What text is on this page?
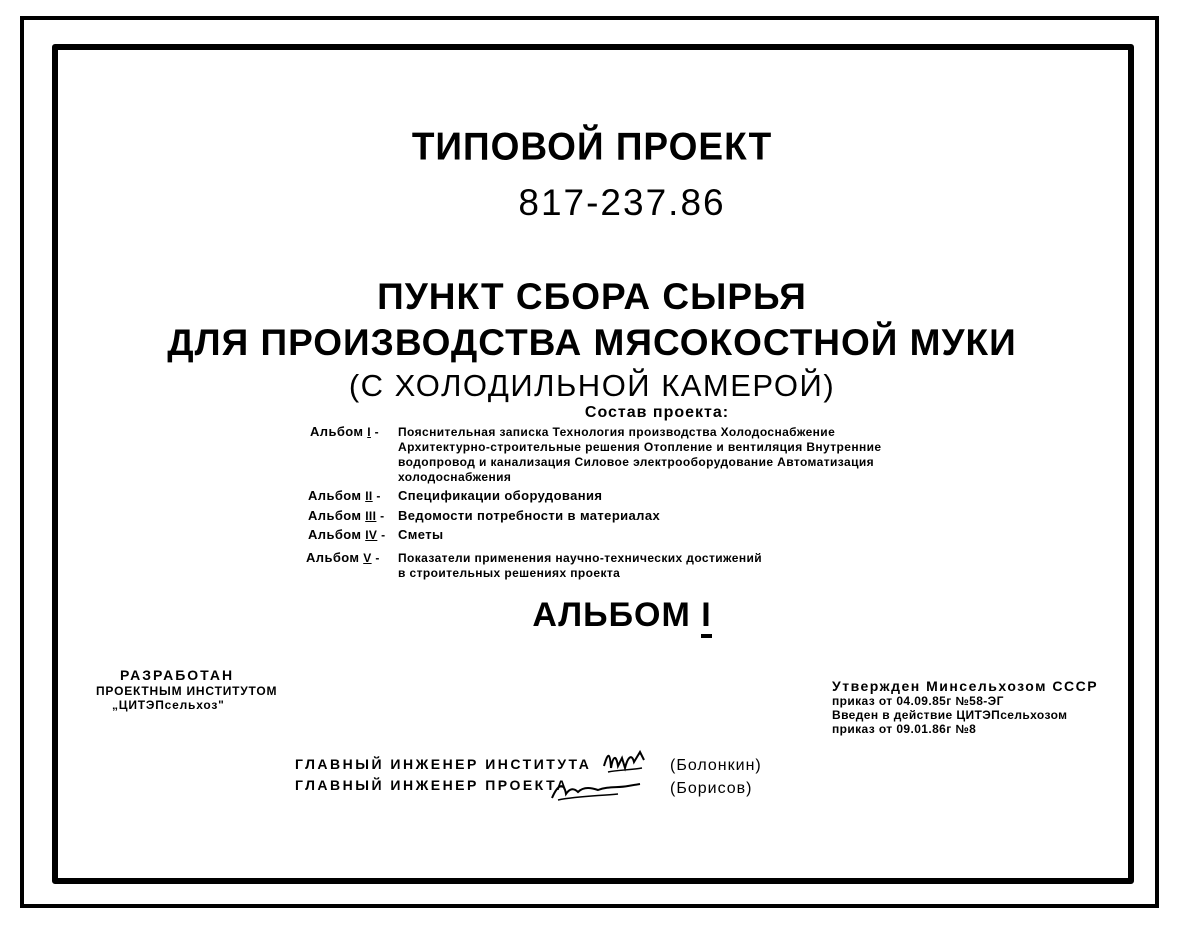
ТИПОВОЙ ПРОЕКТ
817-237.86
ПУНКТ СБОРА СЫРЬЯ
ДЛЯ ПРОИЗВОДСТВА МЯСОКОСТНОЙ МУКИ
(С ХОЛОДИЛЬНОЙ КАМЕРОЙ)
Состав проекта:
Альбом I - Пояснительная записка Технология производства Холодоснабжение
Архитектурно-строительные решения Отопление и вентиляция Внутренние
водопровод и канализация Силовое электрооборудование Автоматизация
холодоснабжения
Альбом II - Спецификации оборудования
Альбом III - Ведомости потребности в материалах
Альбом IV - Сметы
Альбом V - Показатели применения научно-технических достижений
в строительных решениях проекта
АЛЬБОМ I
РАЗРАБОТАН
ПРОЕКТНЫМ ИНСТИТУТОМ
„ЦИТЭПсельхоз"
Утвержден Минсельхозом СССР
приказ от 04.09.85г №58-ЭГ
Введен в действие ЦИТЭПсельхозом
приказ от 09.01.86г №8
ГЛАВНЫЙ ИНЖЕНЕР ИНСТИТУТА
ГЛАВНЫЙ ИНЖЕНЕР ПРОЕКТА
(Болонкин)
(Борисов)
